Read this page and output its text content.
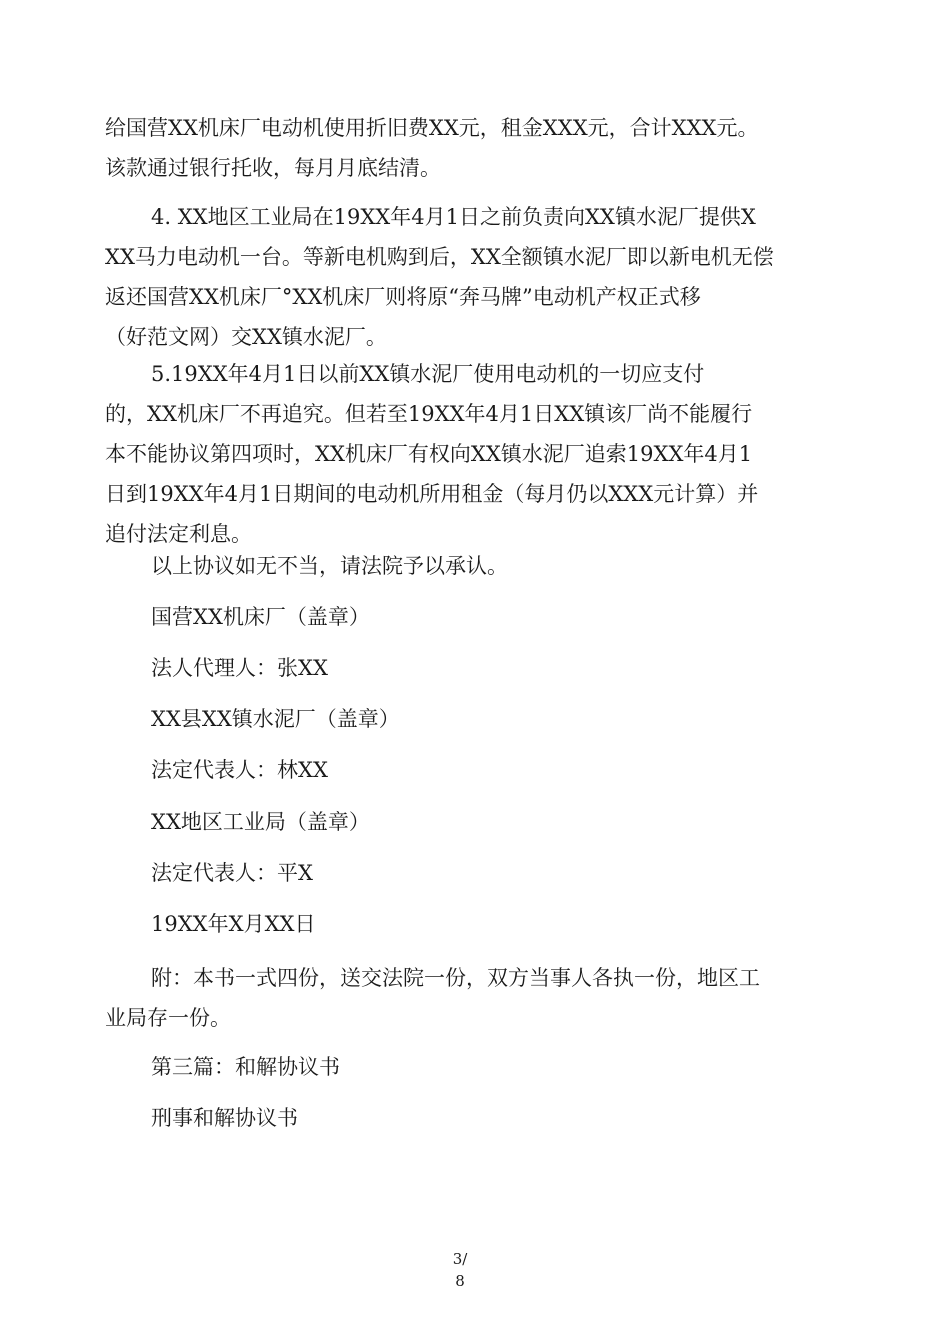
给国营XX机床厂电动机使用折旧费XX元，租金XXX元，合计XXX元。
该款通过银行托收，每月月底结清。
4. XX地区工业局在19XX年4月1日之前负责向XX镇水泥厂提供X
XX马力电动机一台。等新电机购到后，XX全额镇水泥厂即以新电机无偿
返还国营XX机床厂°XX机床厂则将原“奔马牌”电动机产权正式移
（好范文网）交XX镇水泥厂。
5.19XX年4月1日以前XX镇水泥厂使用电动机的一切应支付
的，XX机床厂不再追究。但若至19XX年4月1日XX镇该厂尚不能履行
本不能协议第四项时，XX机床厂有权向XX镇水泥厂追索19XX年4月1
日到19XX年4月1日期间的电动机所用租金（每月仍以XXX元计算）并
追付法定利息。
以上协议如无不当，请法院予以承认。
国营XX机床厂（盖章）
法人代理人：张XX
XX县XX镇水泥厂（盖章）
法定代表人：林XX
XX地区工业局（盖章）
法定代表人：平X
19XX年X月XX日
附：本书一式四份，送交法院一份，双方当事人各执一份，地区工
业局存一份。
第三篇：和解协议书
刑事和解协议书
3/
8
